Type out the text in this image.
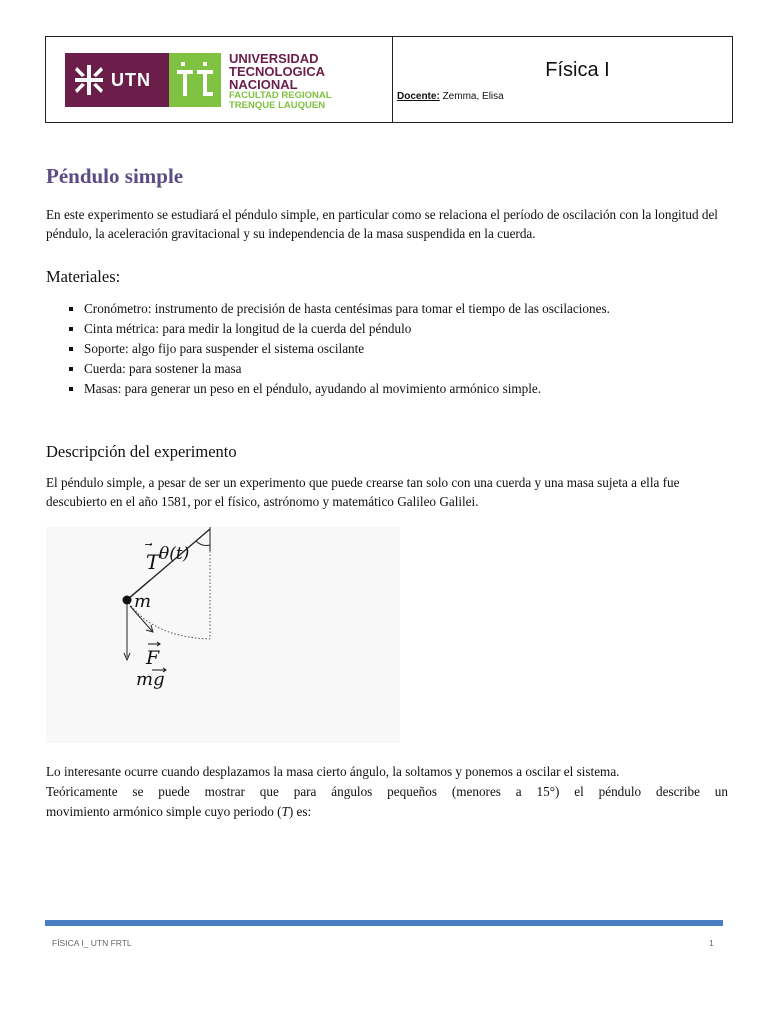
UTN
UNIVERSIDAD
TECNOLOGICA
NACIONAL
FACULTAD REGIONAL
TRENQUE LAUQUEN
Física I
Docente: Zemma, Elisa
Péndulo simple

En este experimento se estudiará el péndulo simple, en particular como se relaciona el período de oscilación con la longitud del péndulo, la aceleración gravitacional y su independencia de la masa suspendida en la cuerda.

Materiales:
Cronómetro: instrumento de precisión de hasta centésimas para tomar el tiempo de las oscilaciones.
Cinta métrica: para medir la longitud de la cuerda del péndulo
Soporte: algo fijo para suspender el sistema oscilante
Cuerda: para sostener la masa
Masas: para generar un peso en el péndulo, ayudando al movimiento armónico simple.
Descripción del experimento

El péndulo simple, a pesar de ser un experimento que puede crearse tan solo con una cuerda y una masa sujeta a ella fue descubierto en el año 1581, por el físico, astrónomo y matemático Galileo Galilei.

T θ(t)
m
F
mg

Lo interesante ocurre cuando desplazamos la masa cierto ángulo, la soltamos y ponemos a oscilar el sistema.

Teóricamente se puede mostrar que para ángulos pequeños (menores a 15°) el péndulo describe un

movimiento armónico simple cuyo periodo (T) es:

FÍSICA I_ UTN FRTL	1
